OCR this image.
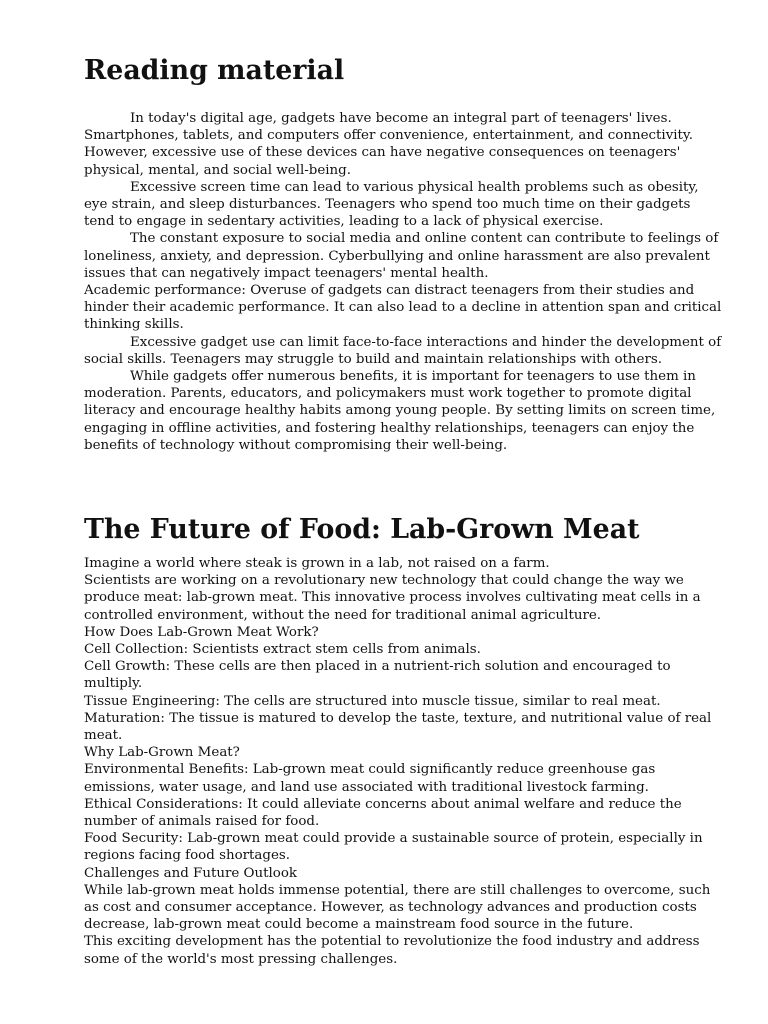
Reading material

In today's digital age, gadgets have become an integral part of teenagers' lives. Smartphones, tablets, and computers offer convenience, entertainment, and connectivity. However, excessive use of these devices can have negative consequences on teenagers' physical, mental, and social well-being.

Excessive screen time can lead to various physical health problems such as obesity, eye strain, and sleep disturbances. Teenagers who spend too much time on their gadgets tend to engage in sedentary activities, leading to a lack of physical exercise.

The constant exposure to social media and online content can contribute to feelings of loneliness, anxiety, and depression. Cyberbullying and online harassment are also prevalent issues that can negatively impact teenagers' mental health.

Academic performance: Overuse of gadgets can distract teenagers from their studies and hinder their academic performance. It can also lead to a decline in attention span and critical thinking skills.

Excessive gadget use can limit face-to-face interactions and hinder the development of social skills. Teenagers may struggle to build and maintain relationships with others.

While gadgets offer numerous benefits, it is important for teenagers to use them in moderation. Parents, educators, and policymakers must work together to promote digital literacy and encourage healthy habits among young people. By setting limits on screen time, engaging in offline activities, and fostering healthy relationships, teenagers can enjoy the benefits of technology without compromising their well-being.

The Future of Food: Lab-Grown Meat

Imagine a world where steak is grown in a lab, not raised on a farm.

Scientists are working on a revolutionary new technology that could change the way we produce meat: lab-grown meat. This innovative process involves cultivating meat cells in a controlled environment, without the need for traditional animal agriculture.

How Does Lab-Grown Meat Work?

Cell Collection: Scientists extract stem cells from animals.

Cell Growth: These cells are then placed in a nutrient-rich solution and encouraged to multiply.

Tissue Engineering: The cells are structured into muscle tissue, similar to real meat.

Maturation: The tissue is matured to develop the taste, texture, and nutritional value of real meat.

Why Lab-Grown Meat?

Environmental Benefits: Lab-grown meat could significantly reduce greenhouse gas emissions, water usage, and land use associated with traditional livestock farming.

Ethical Considerations: It could alleviate concerns about animal welfare and reduce the number of animals raised for food.

Food Security: Lab-grown meat could provide a sustainable source of protein, especially in regions facing food shortages.

Challenges and Future Outlook

While lab-grown meat holds immense potential, there are still challenges to overcome, such as cost and consumer acceptance. However, as technology advances and production costs decrease, lab-grown meat could become a mainstream food source in the future.

This exciting development has the potential to revolutionize the food industry and address some of the world's most pressing challenges.
